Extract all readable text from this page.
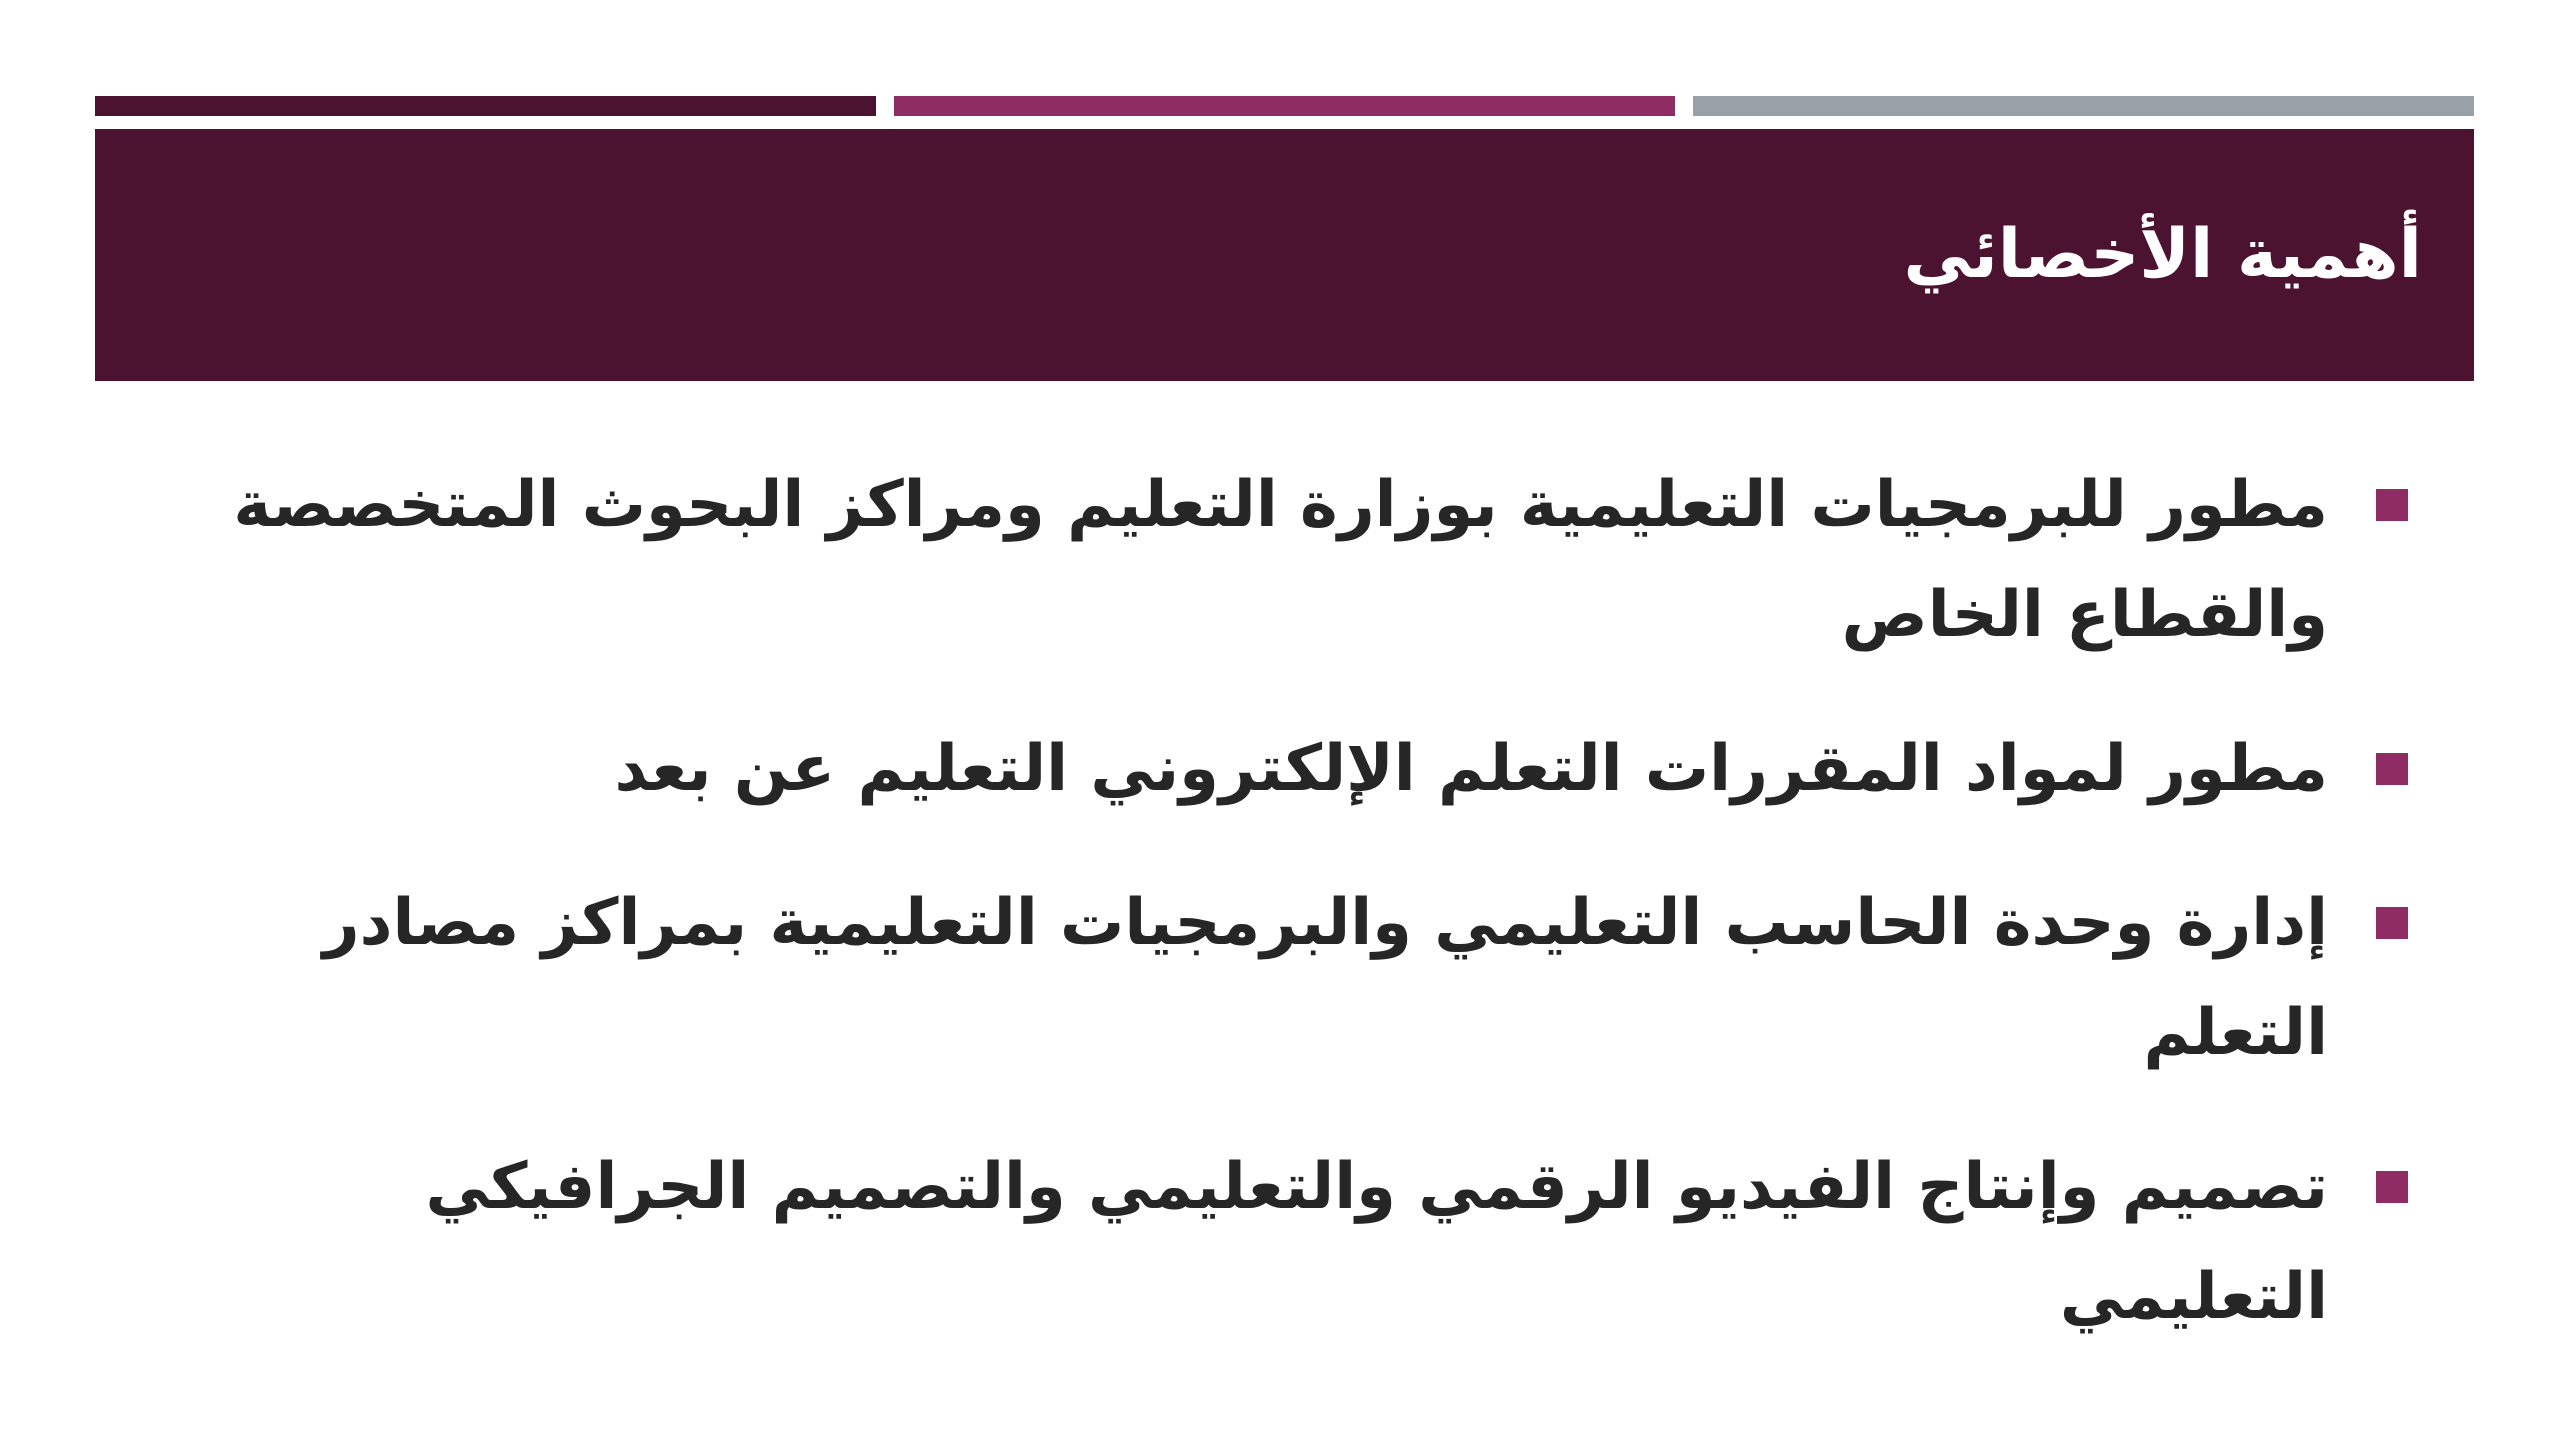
أهمية الأخصائي
مطور للبرمجيات التعليمية بوزارة التعليم ومراكز البحوث المتخصصة والقطاع الخاص
مطور لمواد المقررات التعلم الإلكتروني التعليم عن بعد
إدارة وحدة الحاسب التعليمي والبرمجيات التعليمية بمراكز مصادر التعلم
تصميم وإنتاج الفيديو الرقمي والتعليمي والتصميم الجرافيكي التعليمي
